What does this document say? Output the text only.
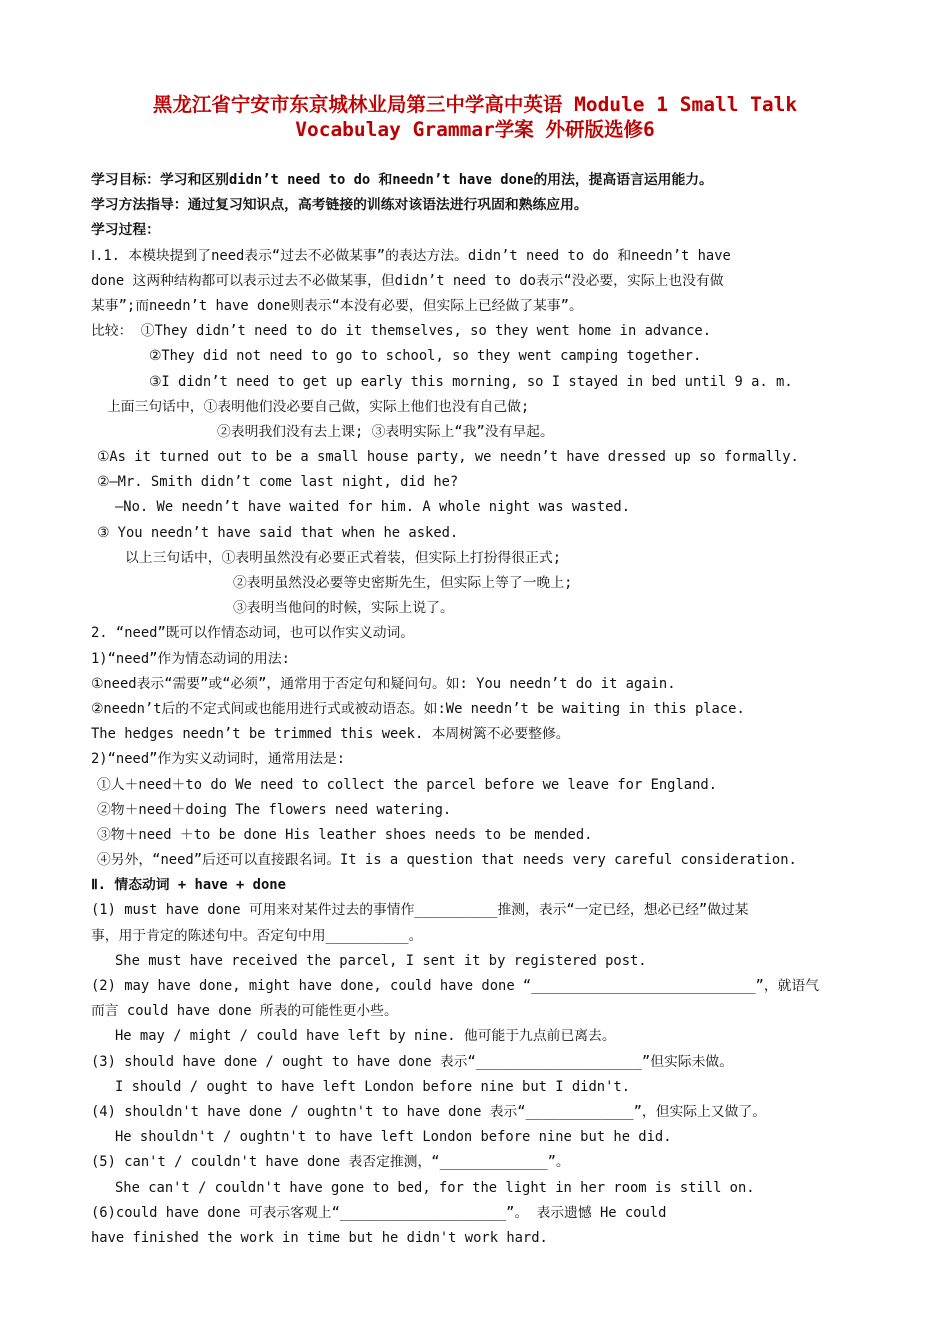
黑龙江省宁安市东京城林业局第三中学高中英语 Module 1 Small Talk
Vocabulay Grammar学案 外研版选修6
学习目标：学习和区别didn’t need to do 和needn’t have done的用法，提高语言运用能力。
学习方法指导：通过复习知识点，高考链接的训练对该语法进行巩固和熟练应用。
学习过程：
Ⅰ.1. 本模块提到了need表示“过去不必做某事”的表达方法。didn’t need to do 和needn’t have
done 这两种结构都可以表示过去不必做某事，但didn’t need to do表示“没必要，实际上也没有做
某事”;而needn’t have done则表示“本没有必要，但实际上已经做了某事”。
比较： ①They didn’t need to do it themselves, so they went home in advance.
②They did not need to go to school, so they went camping together.
③I didn’t need to get up early this morning, so I stayed in bed until 9 a. m.
上面三句话中，①表明他们没必要自己做，实际上他们也没有自己做;
②表明我们没有去上课; ③表明实际上“我”没有早起。
①As it turned out to be a small house party, we needn’t have dressed up so formally.
②—Mr. Smith didn’t come last night, did he?
—No. We needn’t have waited for him. A whole night was wasted.
③ You needn’t have said that when he asked.
以上三句话中，①表明虽然没有必要正式着装，但实际上打扮得很正式;
②表明虽然没必要等史密斯先生，但实际上等了一晚上;
③表明当他问的时候，实际上说了。
2. “need”既可以作情态动词，也可以作实义动词。
1)“need”作为情态动词的用法:
①need表示“需要”或“必须”，通常用于否定句和疑问句。如: You needn’t do it again.
②needn’t后的不定式间或也能用进行式或被动语态。如:We needn’t be waiting in this place.
The hedges needn’t be trimmed this week. 本周树篱不必要整修。
2)“need”作为实义动词时，通常用法是:
①人＋need＋to do We need to collect the parcel before we leave for England.
②物＋need＋doing The flowers need watering.
③物＋need ＋to be done His leather shoes needs to be mended.
④另外，“need”后还可以直接跟名词。It is a question that needs very careful consideration.
Ⅱ. 情态动词 + have + done
(1) must have done 可用来对某件过去的事情作__________推测，表示“一定已经，想必已经”做过某
事，用于肯定的陈述句中。否定句中用__________。
She must have received the parcel, I sent it by registered post.
(2) may have done, might have done, could have done “___________________________”，就语气
而言 could have done 所表的可能性更小些。
He may / might / could have left by nine. 他可能于九点前已离去。
(3) should have done / ought to have done 表示“____________________”但实际未做。
I should / ought to have left London before nine but I didn't.
(4) shouldn't have done / oughtn't to have done 表示“_____________”，但实际上又做了。
He shouldn't / oughtn't to have left London before nine but he did.
(5) can't / couldn't have done 表否定推测，“_____________”。
She can't / couldn't have gone to bed, for the light in her room is still on.
(6)could have done 可表示客观上“____________________”。 表示遗憾 He could
have finished the work in time but he didn't work hard.
